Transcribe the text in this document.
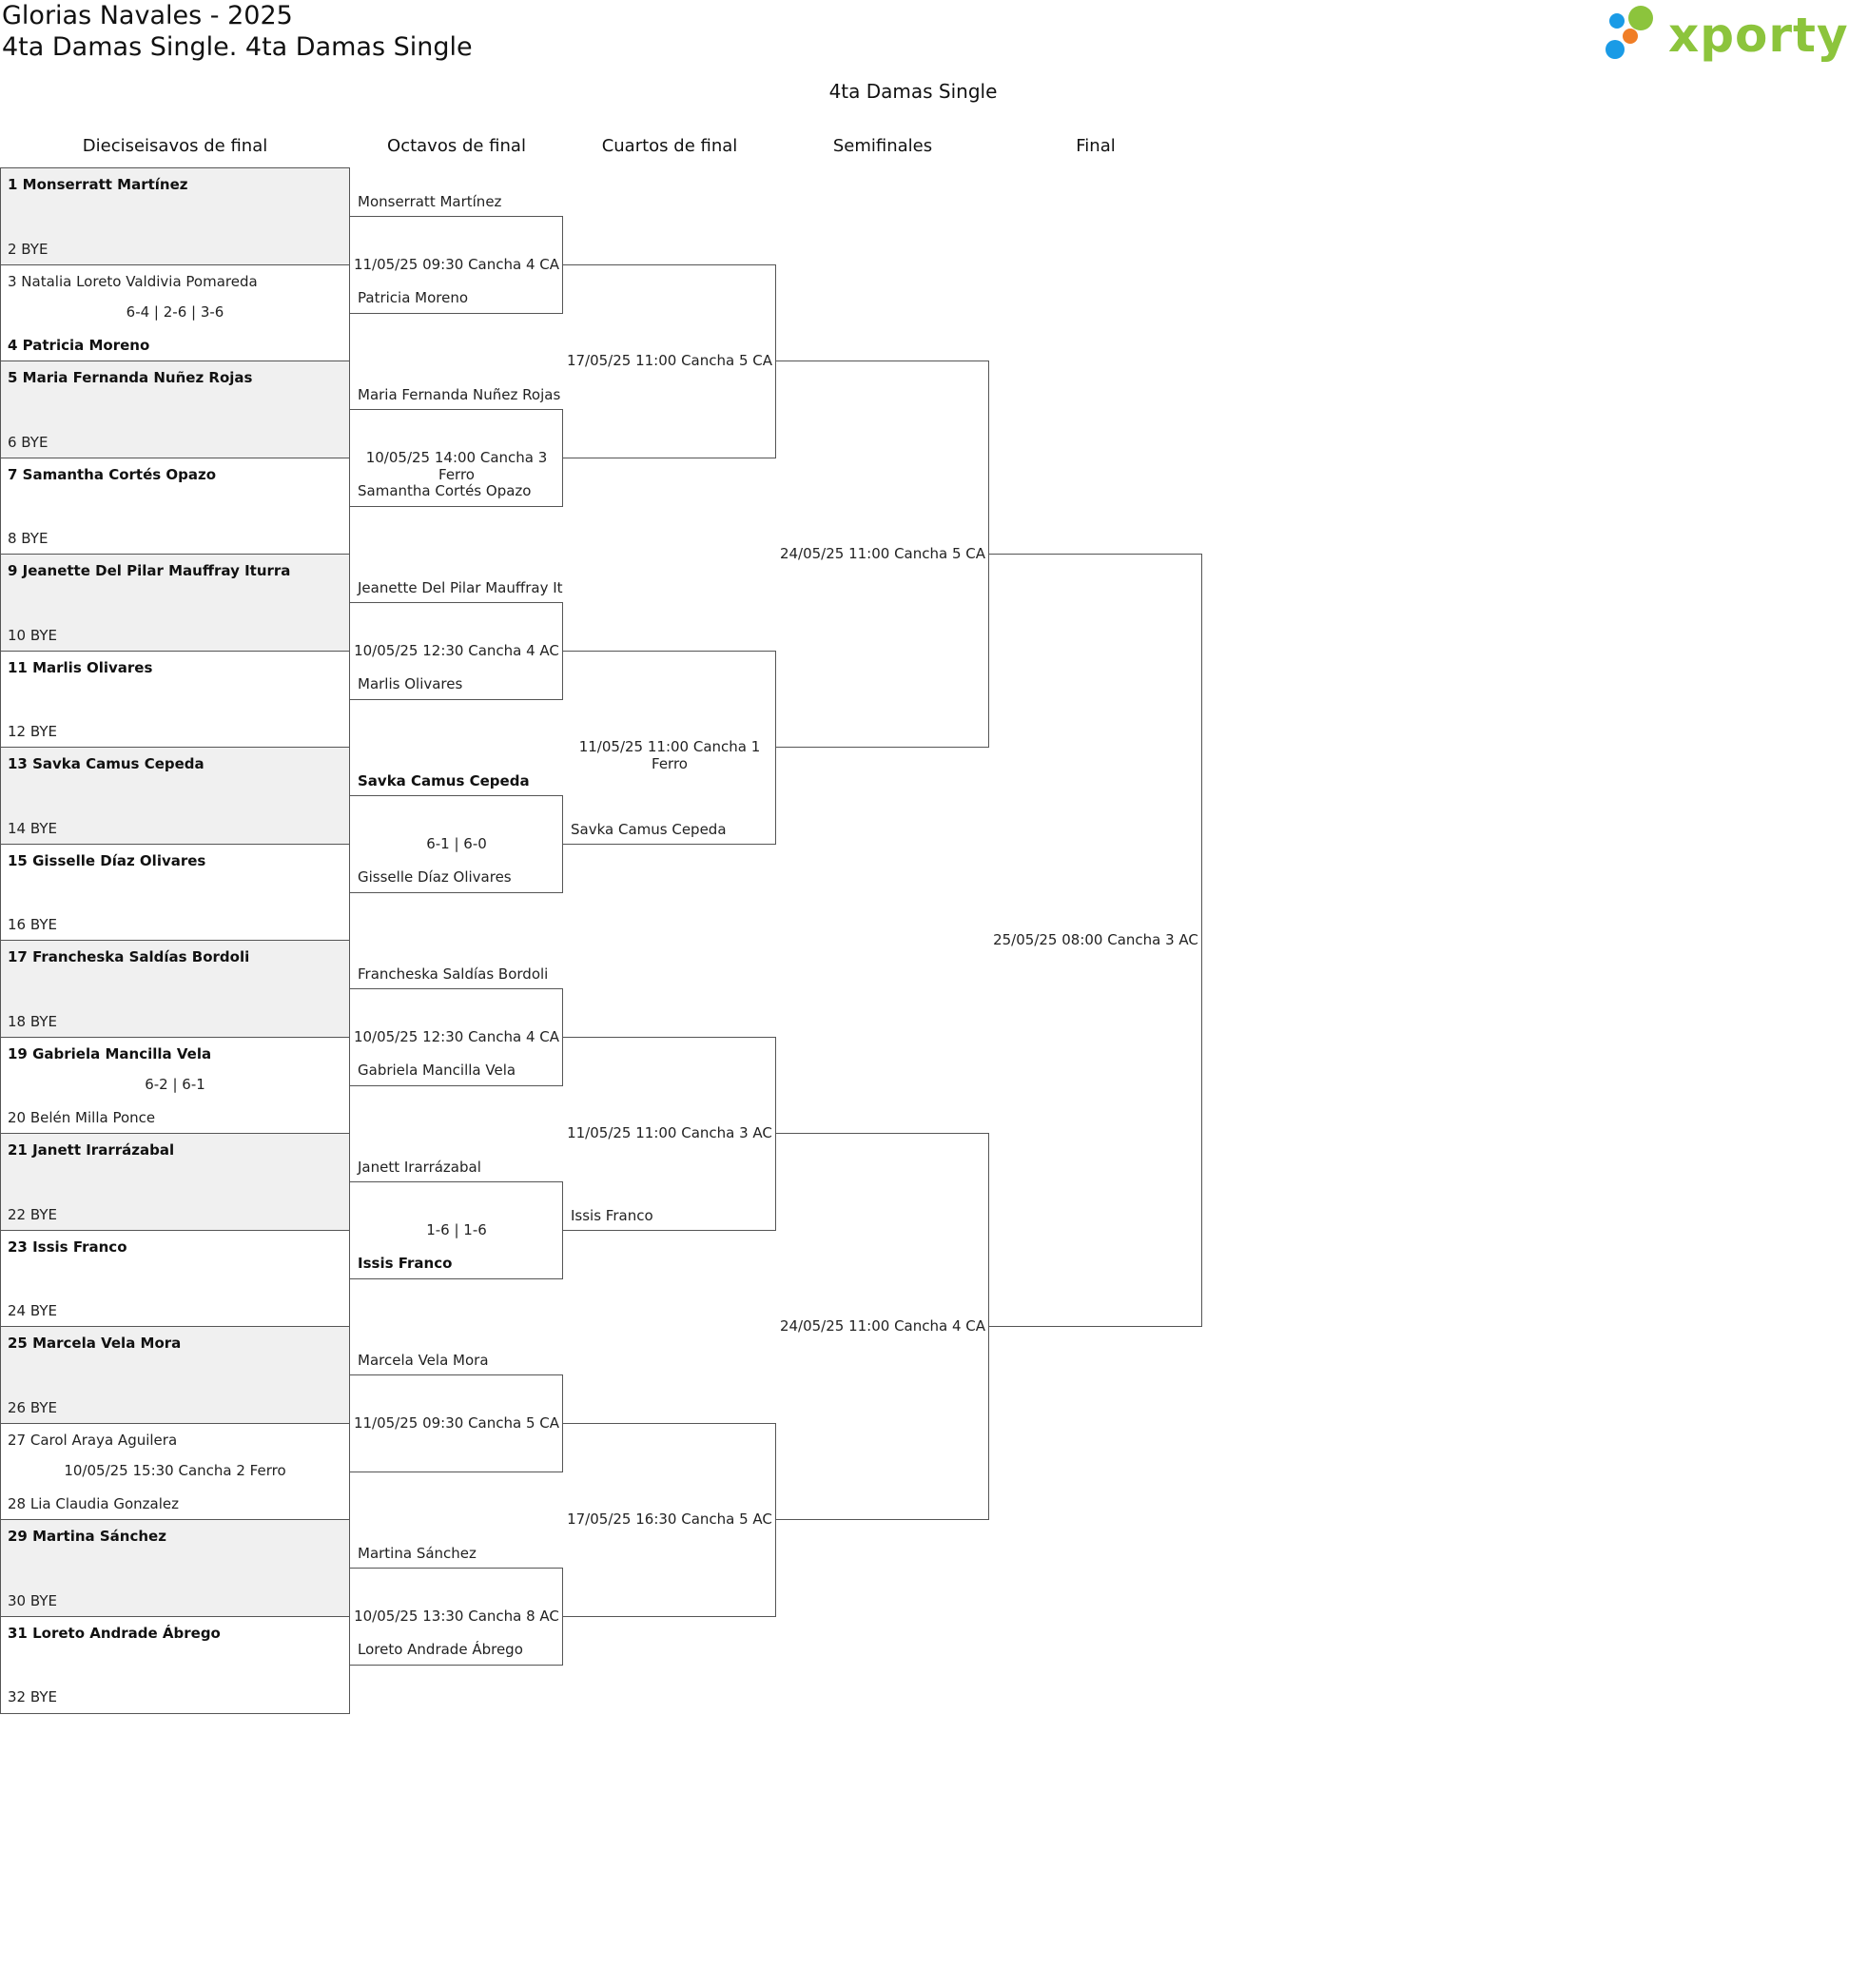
Glorias Navales - 2025
4ta Damas Single. 4ta Damas Single	xporty
4ta Damas Single
Dieciseisavos de final	Octavos de final	Cuartos de final	Semifinales	Final
1 Monserratt Martínez
2 BYE
3 Natalia Loreto Valdivia Pomareda
4 Patricia Moreno
6-4 | 2-6 | 3-6
5 Maria Fernanda Nuñez Rojas
6 BYE
7 Samantha Cortés Opazo
8 BYE
9 Jeanette Del Pilar Mauffray Iturra
10 BYE
11 Marlis Olivares
12 BYE
13 Savka Camus Cepeda
14 BYE
15 Gisselle Díaz Olivares
16 BYE
17 Francheska Saldías Bordoli
18 BYE
19 Gabriela Mancilla Vela
20 Belén Milla Ponce
6-2 | 6-1
21 Janett Irarrázabal
22 BYE
23 Issis Franco
24 BYE
25 Marcela Vela Mora
26 BYE
27 Carol Araya Aguilera
28 Lia Claudia Gonzalez
10/05/25 15:30 Cancha 2 Ferro
29 Martina Sánchez
30 BYE
31 Loreto Andrade Ábrego
32 BYE
Monserratt Martínez
Patricia Moreno
11/05/25 09:30 Cancha 4 CA
Maria Fernanda Nuñez Rojas
Samantha Cortés Opazo
10/05/25 14:00 Cancha 3 Ferro
Jeanette Del Pilar Mauffray It
Marlis Olivares
10/05/25 12:30 Cancha 4 AC
Savka Camus Cepeda
Gisselle Díaz Olivares
6-1 | 6-0
Francheska Saldías Bordoli
Gabriela Mancilla Vela
10/05/25 12:30 Cancha 4 CA
Janett Irarrázabal
Issis Franco
1-6 | 1-6
Marcela Vela Mora
11/05/25 09:30 Cancha 5 CA
Martina Sánchez
Loreto Andrade Ábrego
10/05/25 13:30 Cancha 8 AC
17/05/25 11:00 Cancha 5 CA
Savka Camus Cepeda
11/05/25 11:00 Cancha 1 Ferro
Issis Franco
11/05/25 11:00 Cancha 3 AC
17/05/25 16:30 Cancha 5 AC
24/05/25 11:00 Cancha 5 CA
24/05/25 11:00 Cancha 4 CA
25/05/25 08:00 Cancha 3 AC
